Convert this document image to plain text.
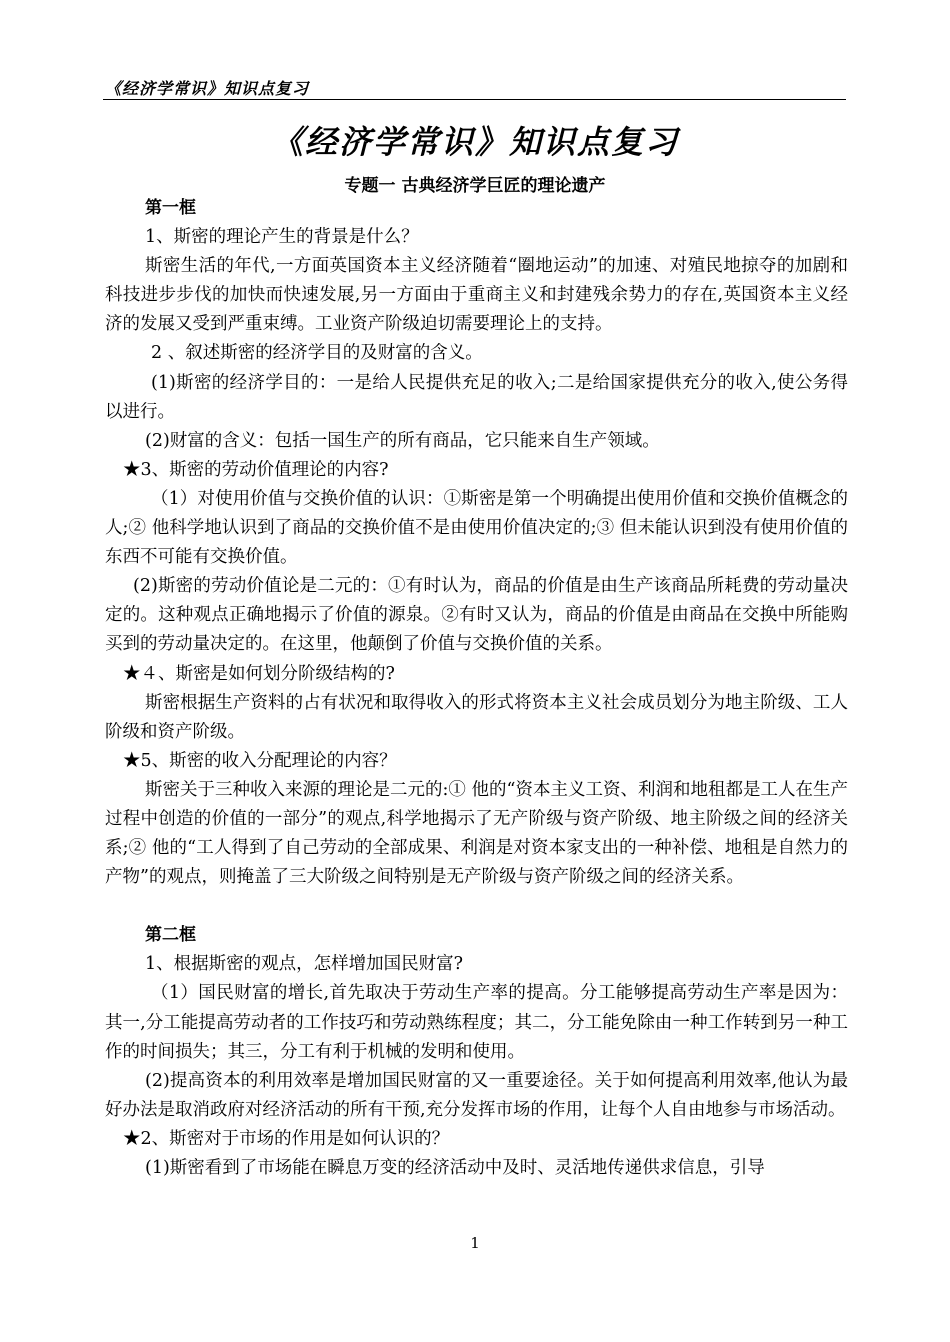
《经济学常识》知识点复习
《经济学常识》知识点复习
专题一 古典经济学巨匠的理论遗产

第一框

1、斯密的理论产生的背景是什么？

斯密生活的年代,一方面英国资本主义经济随着“圈地运动”的加速、对殖民地掠夺的加剧和科技进步步伐的加快而快速发展,另一方面由于重商主义和封建残余势力的存在,英国资本主义经济的发展又受到严重束缚。工业资产阶级迫切需要理论上的支持。

2 、叙述斯密的经济学目的及财富的含义。

(1)斯密的经济学目的：一是给人民提供充足的收入;二是给国家提供充分的收入,使公务得以进行。

(2)财富的含义：包括一国生产的所有商品，它只能来自生产领域。

★3、斯密的劳动价值理论的内容?

（1）对使用价值与交换价值的认识：①斯密是第一个明确提出使用价值和交换价值概念的人;② 他科学地认识到了商品的交换价值不是由使用价值决定的;③ 但未能认识到没有使用价值的东西不可能有交换价值。

(2)斯密的劳动价值论是二元的：①有时认为，商品的价值是由生产该商品所耗费的劳动量决定的。这种观点正确地揭示了价值的源泉。②有时又认为，商品的价值是由商品在交换中所能购买到的劳动量决定的。在这里，他颠倒了价值与交换价值的关系。

★４、斯密是如何划分阶级结构的?

斯密根据生产资料的占有状况和取得收入的形式将资本主义社会成员划分为地主阶级、工人阶级和资产阶级。

★5、斯密的收入分配理论的内容？

斯密关于三种收入来源的理论是二元的:① 他的“资本主义工资、利润和地租都是工人在生产过程中创造的价值的一部分”的观点,科学地揭示了无产阶级与资产阶级、地主阶级之间的经济关系;② 他的“工人得到了自己劳动的全部成果、利润是对资本家支出的一种补偿、地租是自然力的产物”的观点，则掩盖了三大阶级之间特别是无产阶级与资产阶级之间的经济关系。

第二框

1、根据斯密的观点，怎样增加国民财富?

（1）国民财富的增长,首先取决于劳动生产率的提高。分工能够提高劳动生产率是因为：其一,分工能提高劳动者的工作技巧和劳动熟练程度；其二，分工能免除由一种工作转到另一种工作的时间损失；其三，分工有利于机械的发明和使用。

(2)提高资本的利用效率是增加国民财富的又一重要途径。关于如何提高利用效率,他认为最好办法是取消政府对经济活动的所有干预,充分发挥市场的作用，让每个人自由地参与市场活动。

★2、斯密对于市场的作用是如何认识的？

(1)斯密看到了市场能在瞬息万变的经济活动中及时、灵活地传递供求信息，引导

1
